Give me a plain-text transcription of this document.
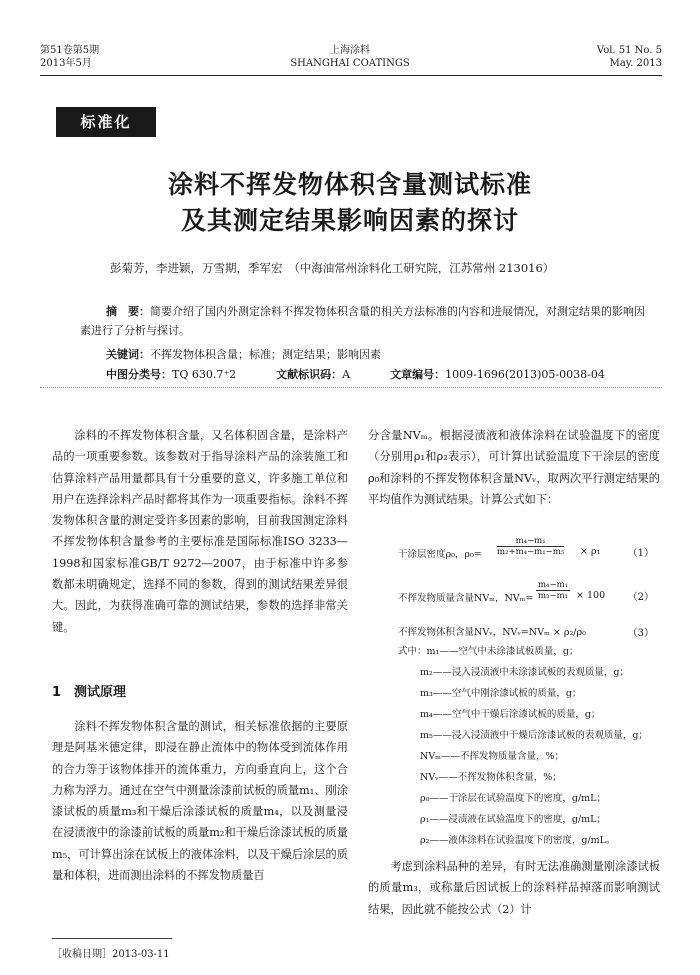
第51卷第5期
2013年5月
上海涂料
SHANGHAI COATINGS
Vol. 51 No. 5
May. 2013
标准化
涂料不挥发物体积含量测试标准
及其测定结果影响因素的探讨
彭菊芳，李进颖，万雪期，季军宏　（中海油常州涂料化工研究院，江苏常州 213016）
摘　要：简要介绍了国内外测定涂料不挥发物体积含量的相关方法标准的内容和进展情况，对测定结果的影响因素进行了分析与探讨。
关键词：不挥发物体积含量；标准；测定结果；影响因素
中图分类号：TQ 630.7⁺2	文献标识码：A	文章编号：1009-1696(2013)05-0038-04
涂料的不挥发物体积含量，又名体积固含量，是涂料产品的一项重要参数。该参数对于指导涂料产品的涂装施工和估算涂料产品用量都具有十分重要的意义，许多施工单位和用户在选择涂料产品时都将其作为一项重要指标。涂料不挥发物体积含量的测定受许多因素的影响，目前我国测定涂料不挥发物体积含量参考的主要标准是国际标准ISO 3233—1998和国家标准GB/T 9272—2007，由于标准中许多参数都未明确规定，选择不同的参数，得到的测试结果差异很大。因此，为获得准确可靠的测试结果，参数的选择非常关键。
1　测试原理
涂料不挥发物体积含量的测试，相关标准依据的主要原理是阿基米德定律，即浸在静止流体中的物体受到流体作用的合力等于该物体排开的流体重力，方向垂直向上，这个合力称为浮力。通过在空气中测量涂漆前试板的质量m₁、刚涂漆试板的质量m₃和干燥后涂漆试板的质量m₄，以及测量浸在浸渍液中的涂漆前试板的质量m₂和干燥后涂漆试板的质量m₅，可计算出涂在试板上的液体涂料，以及干燥后涂层的质量和体积，进而测出涂料的不挥发物质量百
分含量NVₘ。根据浸渍液和液体涂料在试验温度下的密度（分别用ρ₁和ρ₂表示），可计算出试验温度下干涂层的密度ρ₀和涂料的不挥发物体积含量NVᵥ，取两次平行测定结果的平均值作为测试结果。计算公式如下：
干涂层密度ρ₀，$\rho_0= \frac{\text{m₄−m₁}}{\text{m₂+m₄−m₁−m₅}} \times \rho_1$	（1）
不挥发物质量含量NVₘ，$NV_m= \frac{\text{m₄−m₁}}{\text{m₃−m₁}} \times 100$ （2）
不挥发物体积含量NVᵥ，NVᵥ=NVₘ × ρ₂/ρ₀	（3）
式中：m₁——空气中未涂漆试板质量，g；
m₂——浸入浸渍液中未涂漆试板的表观质量，g；
m₃——空气中刚涂漆试板的质量，g；
m₄——空气中干燥后涂漆试板的质量，g；
m₅——浸入浸渍液中干燥后涂漆试板的表观质量，g；
NVₘ——不挥发物质量含量，%；
NVᵥ——不挥发物体积含量，%；
ρ₀——干涂层在试验温度下的密度，g/mL；
ρ₁——浸渍液在试验温度下的密度，g/mL；
ρ₂——液体涂料在试验温度下的密度，g/mL。
考虑到涂料品种的差异，有时无法准确测量刚涂漆试板的质量m₃，或称量后因试板上的涂料样品掉落而影响测试结果，因此就不能按公式（2）计
［收稿日期］2013-03-11
